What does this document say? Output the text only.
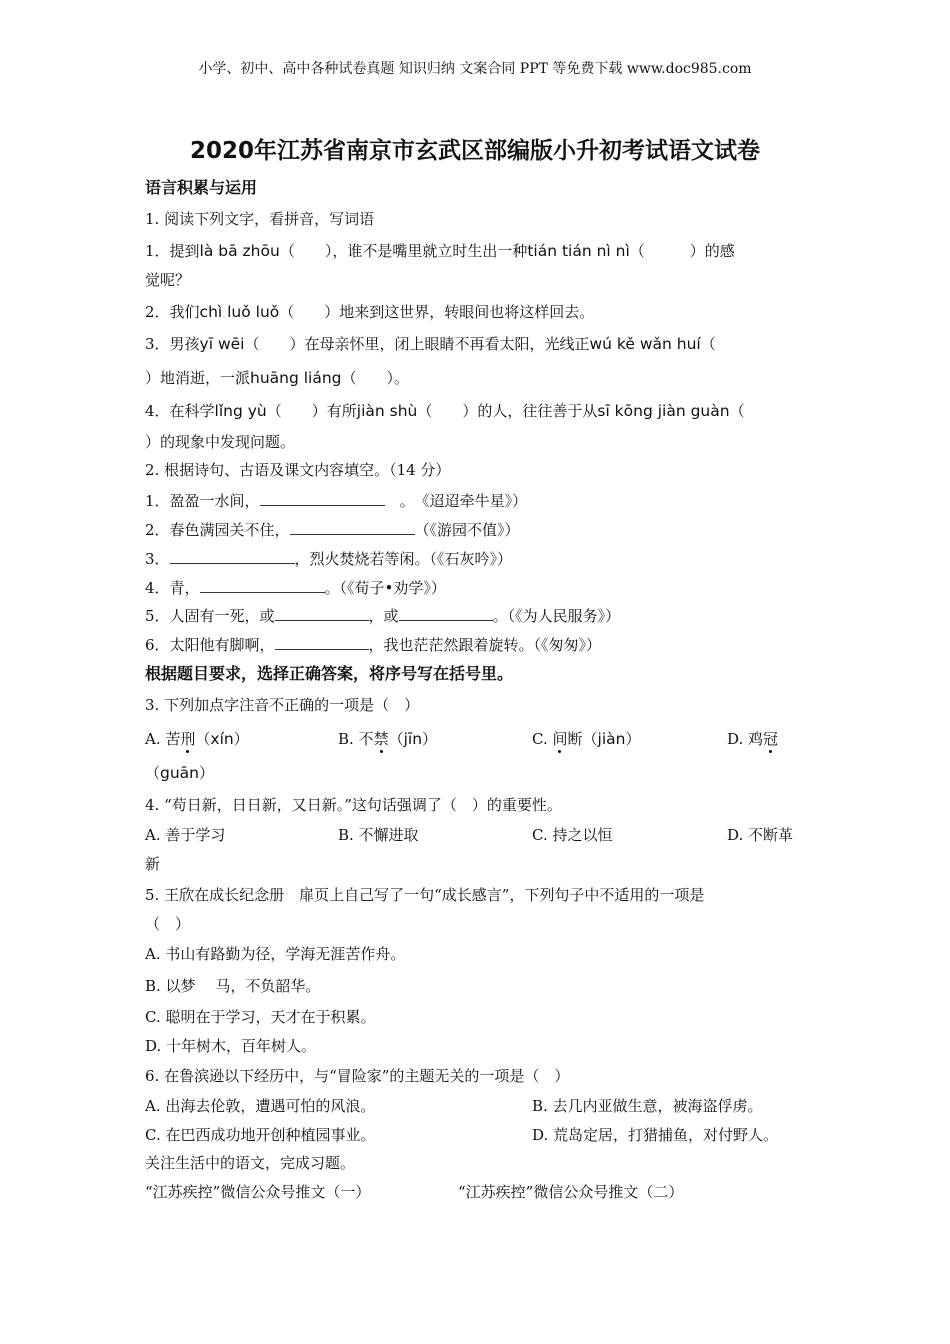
小学、初中、高中各种试卷真题 知识归纳 文案合同 PPT 等免费下载 www.doc985.com
2020年江苏省南京市玄武区部编版小升初考试语文试卷
语言积累与运用
1. 阅读下列文字，看拼音，写词语
1．提到là bā zhōu（　　），谁不是嘴里就立时生出一种tián tián nì nì（　　　）的感
觉呢？
2．我们chì luǒ luǒ（　　）地来到这世界，转眼间也将这样回去。
3．男孩yī wēi（　　）在母亲怀里，闭上眼睛不再看太阳，光线正wú kě wǎn huí（
）地消逝，一派huāng liáng（　　）。
4．在科学lǐng yù（　　）有所jiàn shù（　　）的人，往往善于从sī kōng jiàn guàn（
）的现象中发现问题。
2. 根据诗句、古语及课文内容填空。（14 分）
1．盈盈一水间，　	。　《迢迢牵牛星》）
2．春色满园关不住，	（《游园不值》）
3．	，烈火焚烧若等闲。（《石灰吟》）
4．青，	。（《荀子•劝学》）
5．人固有一死，或	，或	。（《为人民服务》）
6．太阳他有脚啊，	，我也茫茫然跟着旋转。（《匆匆》）
根据题目要求，选择正确答案，将序号写在括号里。
3. 下列加点字注音不正确的一项是（　）
A. 苦刑（xín）	B. 不禁（jīn）	C. 间断（jiàn）	D. 鸡冠
（guān）
4. “苟日新，日日新，又日新。”这句话强调了（　）的重要性。
A. 善于学习	B. 不懈进取	C. 持之以恒	D. 不断革
新
5. 王欣在成长纪念册　扉页上自己写了一句“成长感言”，下列句子中不适用的一项是
（　）
A. 书山有路勤为径，学海无涯苦作舟。
B. 以梦　 马，不负韶华。
C. 聪明在于学习，天才在于积累。
D. 十年树木，百年树人。
6. 在鲁滨逊以下经历中，与“冒险家”的主题无关的一项是（　）
A. 出海去伦敦，遭遇可怕的风浪。	B. 去几内亚做生意，被海盗俘虏。
C. 在巴西成功地开创种植园事业。	D. 荒岛定居，打猎捕鱼，对付野人。
关注生活中的语文，完成习题。
“江苏疾控”微信公众号推文（一）	“江苏疾控”微信公众号推文（二）
